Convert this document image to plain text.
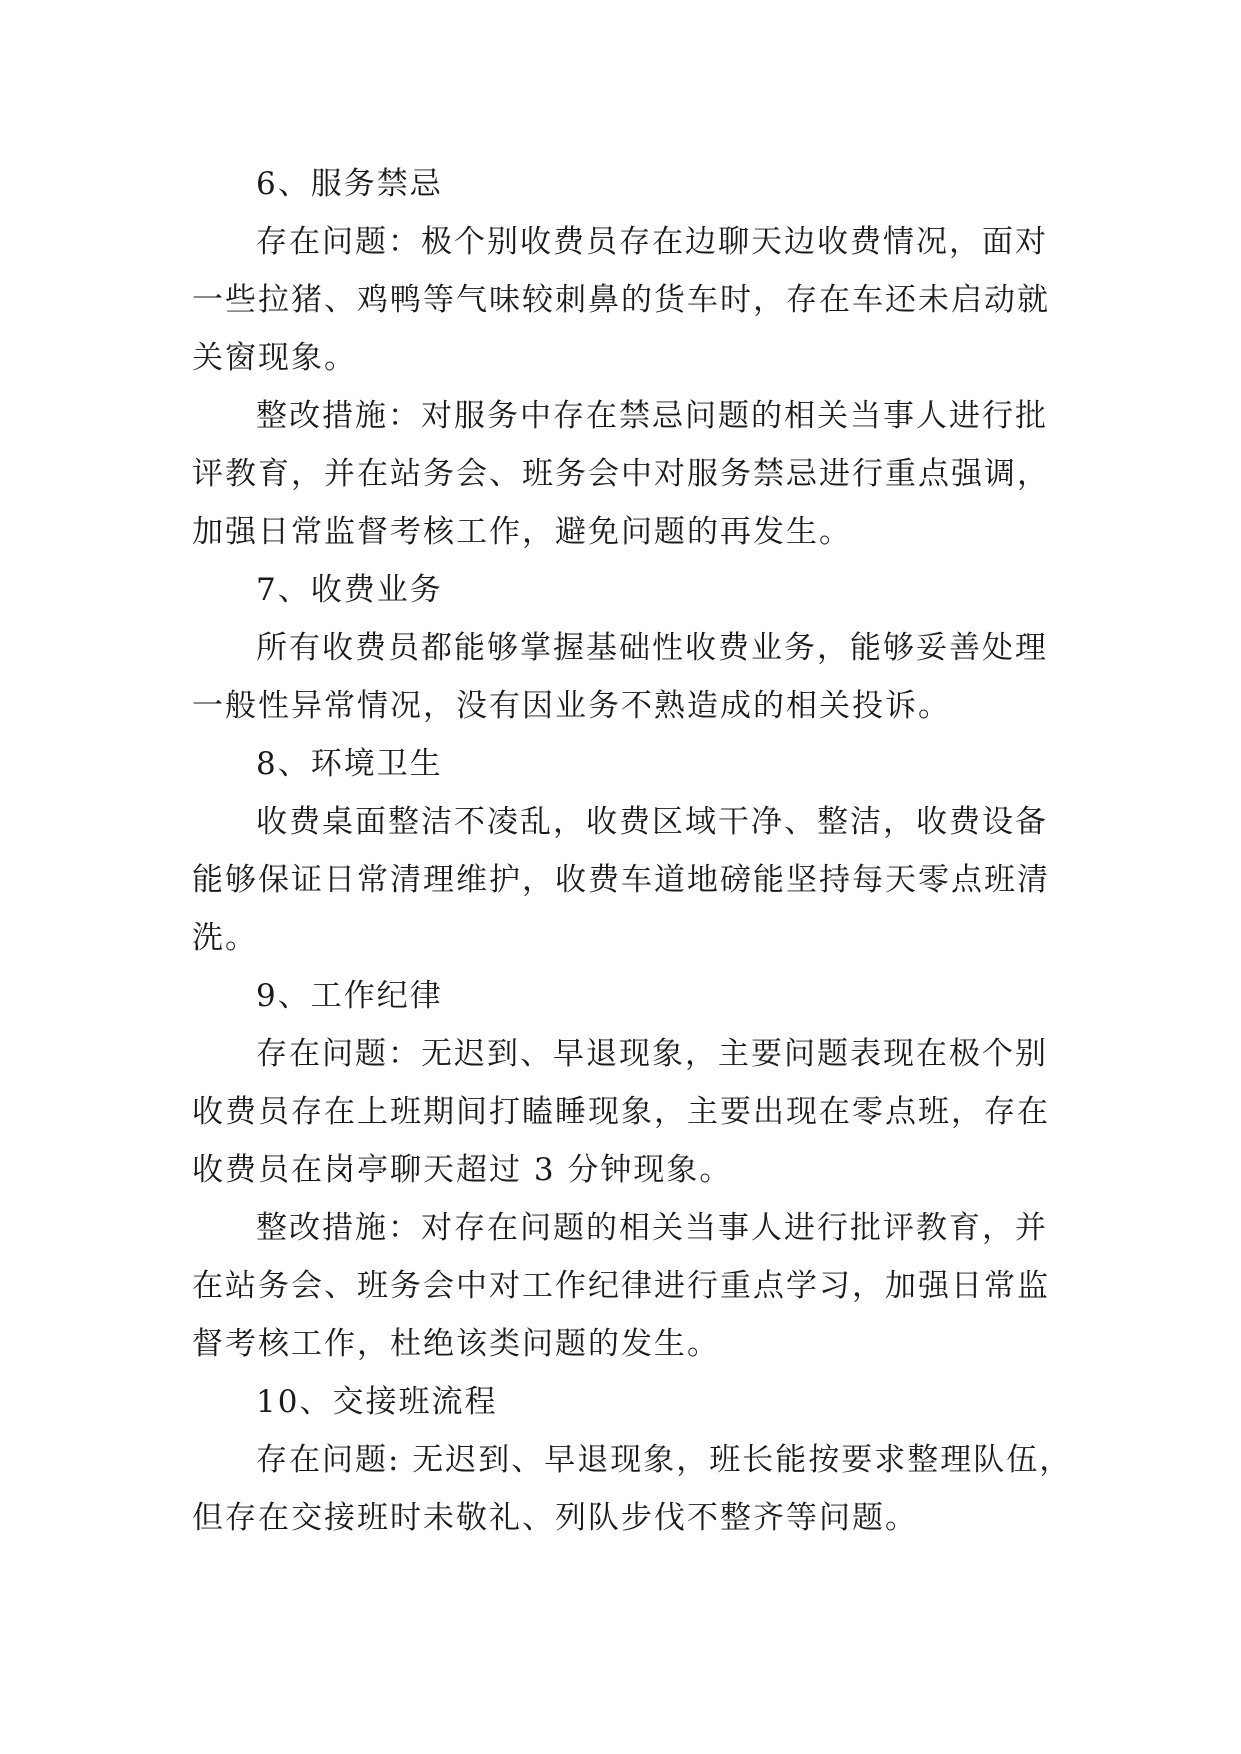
6、服务禁忌
存在问题：极个别收费员存在边聊天边收费情况，面对
一些拉猪、鸡鸭等气味较刺鼻的货车时，存在车还未启动就
关窗现象。
整改措施：对服务中存在禁忌问题的相关当事人进行批
评教育，并在站务会、班务会中对服务禁忌进行重点强调，
加强日常监督考核工作，避免问题的再发生。
7、收费业务
所有收费员都能够掌握基础性收费业务，能够妥善处理
一般性异常情况，没有因业务不熟造成的相关投诉。
8、环境卫生
收费桌面整洁不凌乱，收费区域干净、整洁，收费设备
能够保证日常清理维护，收费车道地磅能坚持每天零点班清
洗。
9、工作纪律
存在问题：无迟到、早退现象，主要问题表现在极个别
收费员存在上班期间打瞌睡现象，主要出现在零点班，存在
收费员在岗亭聊天超过 3 分钟现象。
整改措施：对存在问题的相关当事人进行批评教育，并
在站务会、班务会中对工作纪律进行重点学习，加强日常监
督考核工作，杜绝该类问题的发生。
10、交接班流程
存在问题: 无迟到、早退现象，班长能按要求整理队伍，
但存在交接班时未敬礼、列队步伐不整齐等问题。
